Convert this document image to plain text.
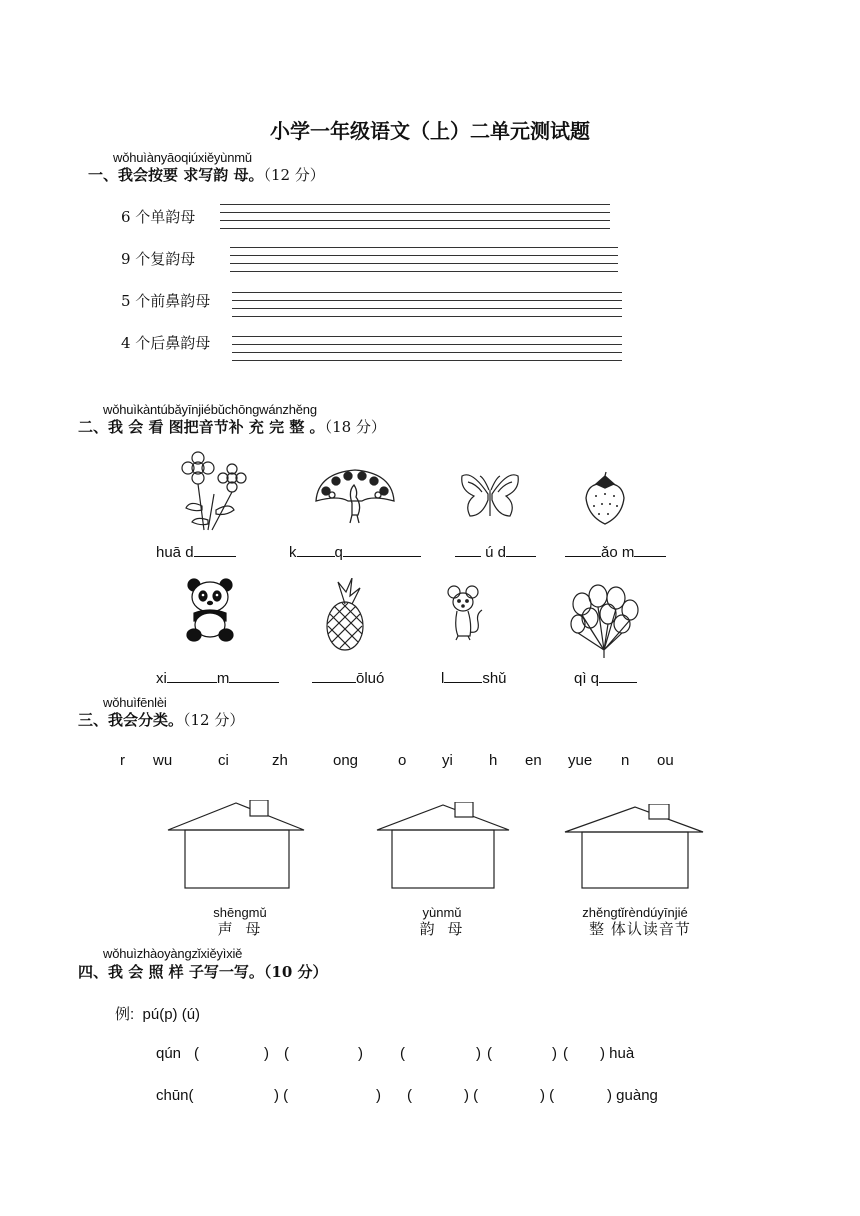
小学一年级语文（上）二单元测试题
wǒhuìànyāoqiúxiěyùnmǔ
一、我会按要 求写韵 母。（12 分）
6 个单韵母
9 个复韵母
5 个前鼻韵母
4 个后鼻韵母
wǒhuìkàntúbǎyīnjiébǔchōngwánzhěng
二、我 会 看 图把音节补 充 完 整 。（18 分）
huā d	k	q	ú d	ǎo m
xi	m	ōluó	l	shǔ	qì q
wǒhuìfēnlèi
三、我会分类。（12 分）
r wu	ci	zh	ong	o yi h en yue n ou
shēngmǔ
声 母
yùnmǔ
韵 母
zhěngtǐrèndúyīnjié
整 体认读音节
wǒhuìzhàoyàngzǐxiěyìxiě
四、我 会 照 样 子写一写。（10 分）
例: pú(p) (ú)
qún (	) (	) (	) (	) ( ) huà
chūn(	) (	) (	) (	) (	) guàng
